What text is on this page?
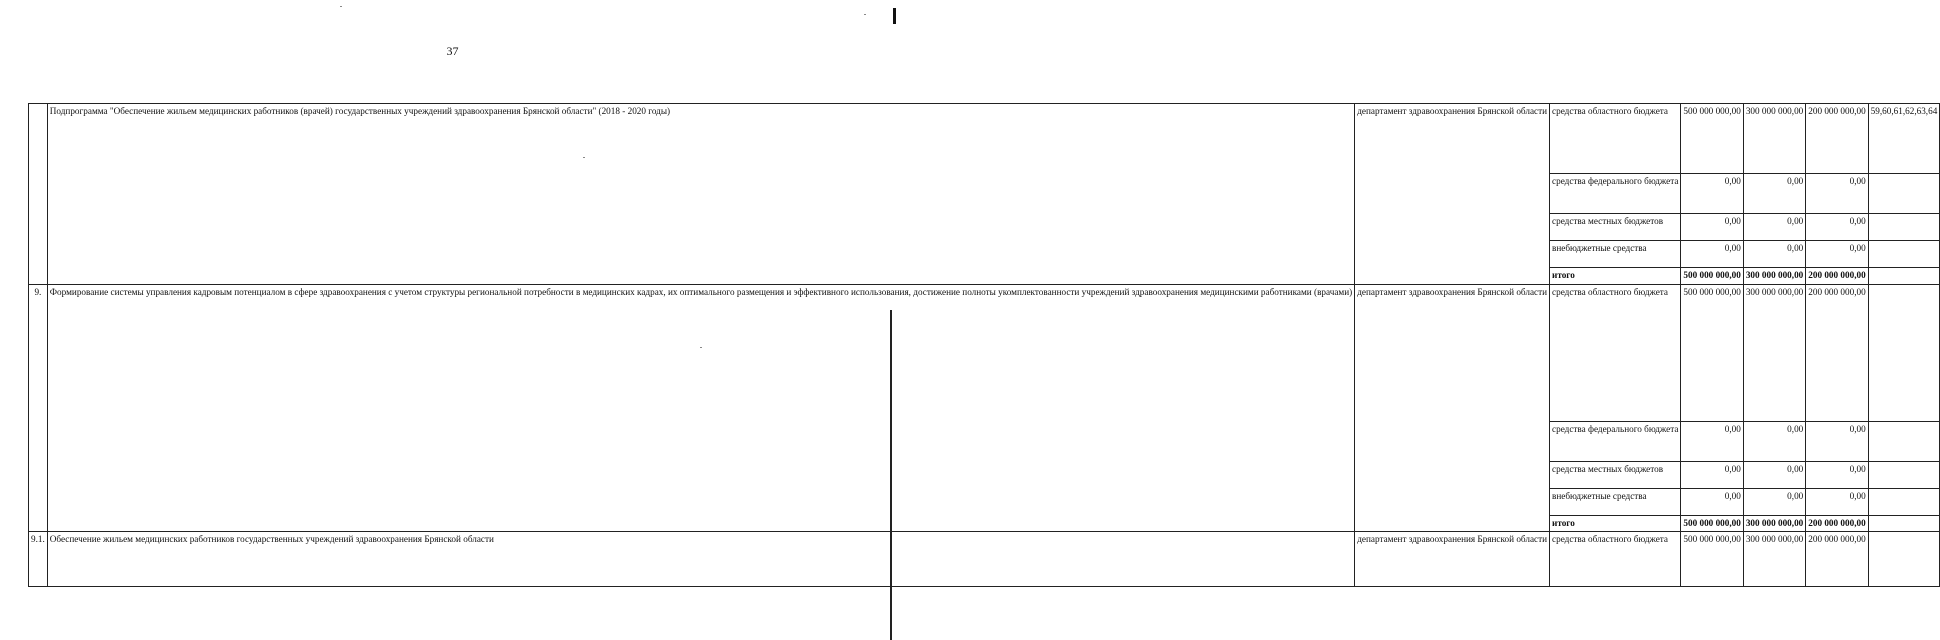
37
	Подпрограмма "Обеспечение жильем медицинских работников (врачей) государственных учреждений здравоохранения Брянской области" (2018 - 2020 годы)	департамент здравоохранения Брянской области	средства областного бюджета	500 000 000,00	300 000 000,00	200 000 000,00	59,60,61,62,63,64
			средства федерального бюджета	0,00	0,00	0,00	
			средства местных бюджетов	0,00	0,00	0,00	
			внебюджетные средства	0,00	0,00	0,00	
			итого	500 000 000,00	300 000 000,00	200 000 000,00	
9.	Формирование системы управления кадровым потенциалом в сфере здравоохранения с учетом структуры региональной потребности в медицинских кадрах, их оптимального размещения и эффективного использования, достижение полноты укомплектованности учреждений здравоохранения медицинскими работниками (врачами)	департамент здравоохранения Брянской области	средства областного бюджета	500 000 000,00	300 000 000,00	200 000 000,00	
			средства федерального бюджета	0,00	0,00	0,00	
			средства местных бюджетов	0,00	0,00	0,00	
			внебюджетные средства	0,00	0,00	0,00	
			итого	500 000 000,00	300 000 000,00	200 000 000,00	
9.1.	Обеспечение жильем медицинских работников государственных учреждений здравоохранения Брянской области	департамент здравоохранения Брянской области	средства областного бюджета	500 000 000,00	300 000 000,00	200 000 000,00	
